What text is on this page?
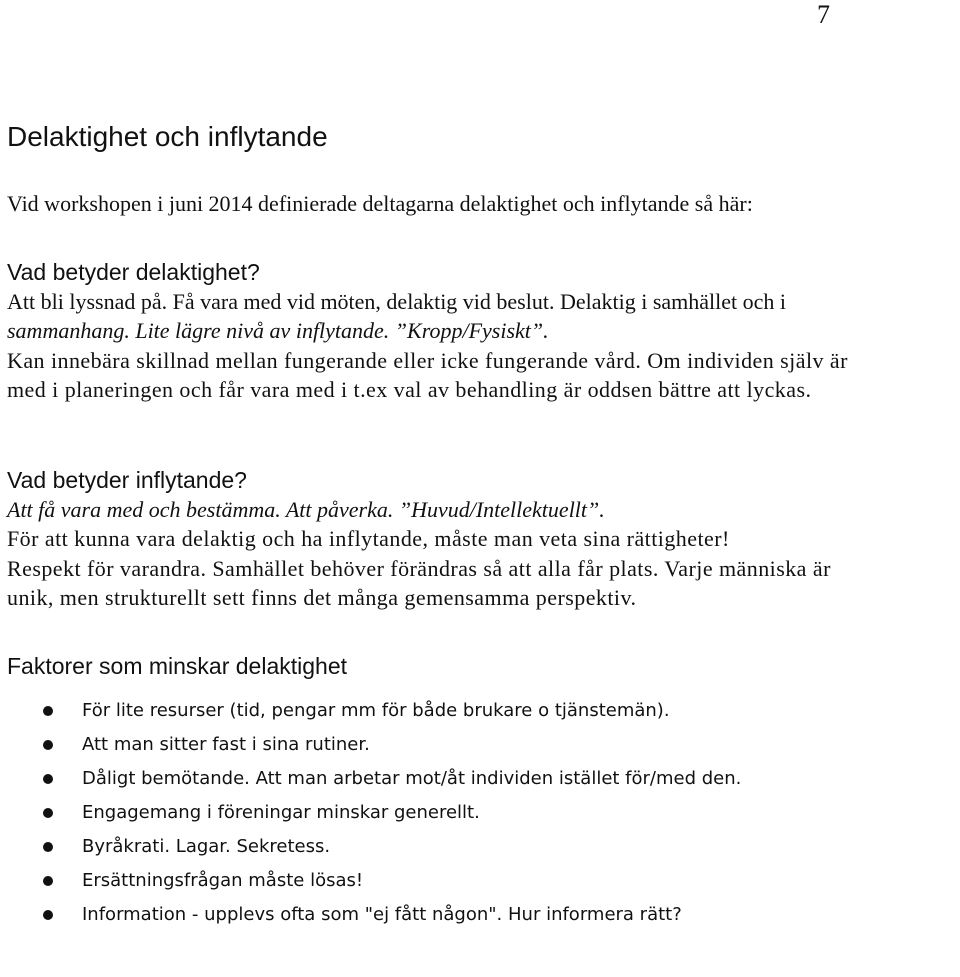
7
Delaktighet och inflytande

Vid workshopen i juni 2014 definierade deltagarna delaktighet och inflytande så här:

Vad betyder delaktighet?

Att bli lyssnad på. Få vara med vid möten, delaktig vid beslut. Delaktig i samhället och i

sammanhang. Lite lägre nivå av inflytande. ”Kropp/Fysiskt”.

Kan innebära skillnad mellan fungerande eller icke fungerande vård. Om individen själv är

med i planeringen och får vara med i t.ex val av behandling är oddsen bättre att lyckas.

Vad betyder inflytande?

Att få vara med och bestämma. Att påverka. ”Huvud/Intellektuellt”.

För att kunna vara delaktig och ha inflytande, måste man veta sina rättigheter!

Respekt för varandra. Samhället behöver förändras så att alla får plats. Varje människa är

unik, men strukturellt sett finns det många gemensamma perspektiv.

Faktorer som minskar delaktighet
För lite resurser (tid, pengar mm för både brukare o tjänstemän).
Att man sitter fast i sina rutiner.
Dåligt bemötande. Att man arbetar mot/åt individen istället för/med den.
Engagemang i föreningar minskar generellt.
Byråkrati. Lagar. Sekretess.
Ersättningsfrågan måste lösas!
Information - upplevs ofta som "ej fått någon". Hur informera rätt?
